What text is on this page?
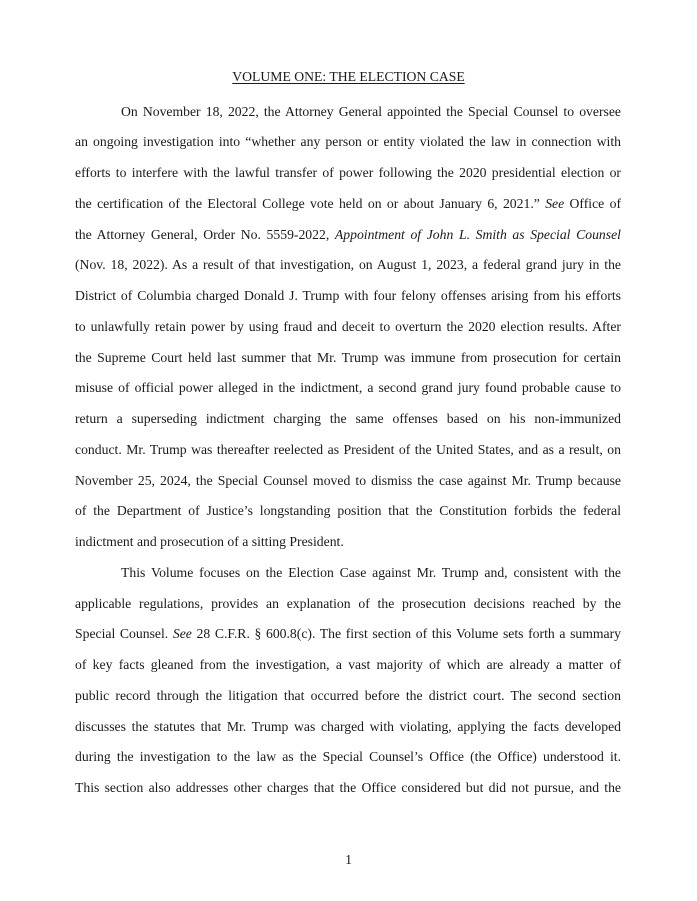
VOLUME ONE: THE ELECTION CASE
On November 18, 2022, the Attorney General appointed the Special Counsel to oversee
an ongoing investigation into “whether any person or entity violated the law in connection with
efforts to interfere with the lawful transfer of power following the 2020 presidential election or
the certification of the Electoral College vote held on or about January 6, 2021.” See Office of
the Attorney General, Order No. 5559-2022, Appointment of John L. Smith as Special Counsel
(Nov. 18, 2022). As a result of that investigation, on August 1, 2023, a federal grand jury in the
District of Columbia charged Donald J. Trump with four felony offenses arising from his efforts
to unlawfully retain power by using fraud and deceit to overturn the 2020 election results. After
the Supreme Court held last summer that Mr. Trump was immune from prosecution for certain
misuse of official power alleged in the indictment, a second grand jury found probable cause to
return a superseding indictment charging the same offenses based on his non-immunized
conduct. Mr. Trump was thereafter reelected as President of the United States, and as a result, on
November 25, 2024, the Special Counsel moved to dismiss the case against Mr. Trump because
of the Department of Justice’s longstanding position that the Constitution forbids the federal
indictment and prosecution of a sitting President.
This Volume focuses on the Election Case against Mr. Trump and, consistent with the
applicable regulations, provides an explanation of the prosecution decisions reached by the
Special Counsel. See 28 C.F.R. § 600.8(c). The first section of this Volume sets forth a summary
of key facts gleaned from the investigation, a vast majority of which are already a matter of
public record through the litigation that occurred before the district court. The second section
discusses the statutes that Mr. Trump was charged with violating, applying the facts developed
during the investigation to the law as the Special Counsel’s Office (the Office) understood it.
This section also addresses other charges that the Office considered but did not pursue, and the
1
